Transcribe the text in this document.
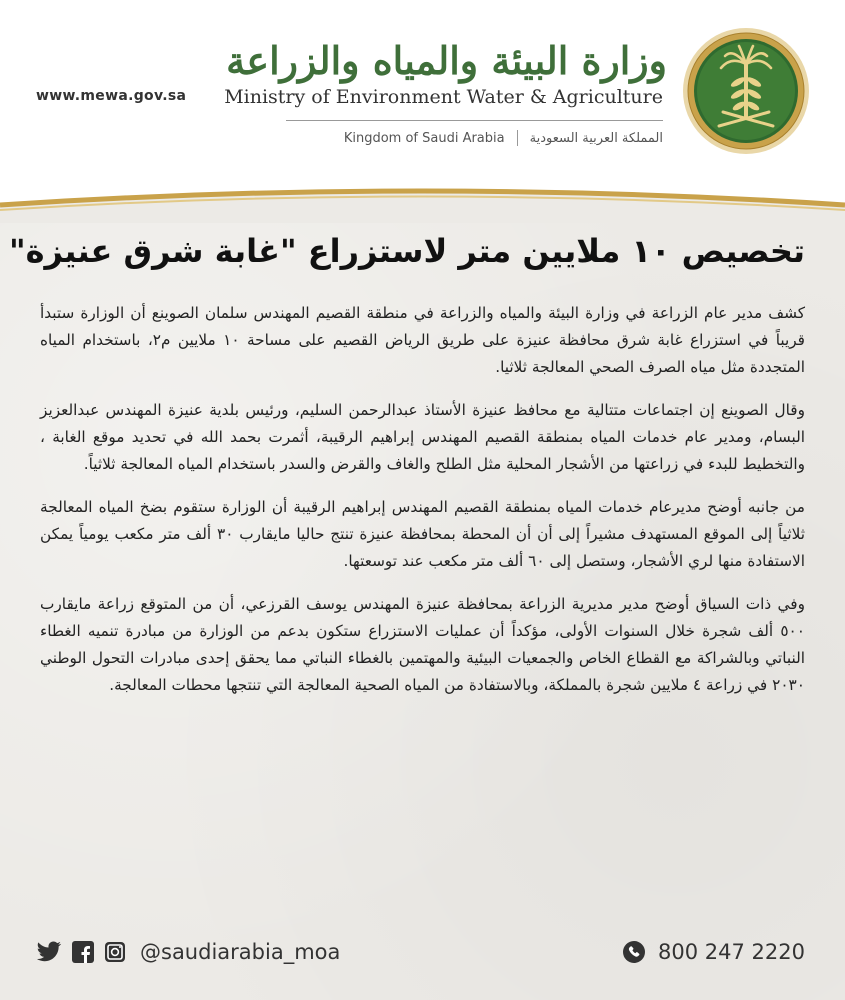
www.mewa.gov.sa
وزارة البيئة والمياه والزراعة
Ministry of Environment Water & Agriculture
Kingdom of Saudi Arabia المملكة العربية السعودية
تخصيص ١٠ ملايين متر لاستزراع "غابة شرق عنيزة"

كشف مدير عام الزراعة في وزارة البيئة والمياه والزراعة في منطقة القصيم المهندس سلمان الصوينع أن الوزارة ستبدأ قريباً في استزراع غابة شرق محافظة عنيزة على طريق الرياض القصيم على مساحة ١٠ ملايين م٢، باستخدام المياه المتجددة مثل مياه الصرف الصحي المعالجة ثلاثيا.

وقال الصوينع إن اجتماعات متتالية مع محافظ عنيزة الأستاذ عبدالرحمن السليم، ورئيس بلدية عنيزة المهندس عبدالعزيز البسام، ومدير عام خدمات المياه بمنطقة القصيم المهندس إبراهيم الرقيبة، أثمرت بحمد الله في تحديد موقع الغابة ، والتخطيط للبدء في زراعتها من الأشجار المحلية مثل الطلح والغاف والقرض والسدر باستخدام المياه المعالجة ثلاثياً.

من جانبه أوضح مديرعام خدمات المياه بمنطقة القصيم المهندس إبراهيم الرقيبة أن الوزارة ستقوم بضخ المياه المعالجة ثلاثياً إلى الموقع المستهدف مشيراً إلى أن أن المحطة بمحافظة عنيزة تنتج حاليا مايقارب ٣٠ ألف متر مكعب يومياً يمكن الاستفادة منها لري الأشجار، وستصل إلى ٦٠ ألف متر مكعب عند توسعتها.

وفي ذات السياق أوضح مدير مديرية الزراعة بمحافظة عنيزة المهندس يوسف القرزعي، أن من المتوقع زراعة مايقارب ٥٠٠ ألف شجرة خلال السنوات الأولى، مؤكداً أن عمليات الاستزراع ستكون بدعم من الوزارة من مبادرة تنميه الغطاء النباتي وبالشراكة مع القطاع الخاص والجمعيات البيئية والمهتمين بالغطاء النباتي مما يحقق إحدى مبادرات التحول الوطني ٢٠٣٠ في زراعة ٤ ملايين شجرة بالمملكة، وبالاستفادة من المياه الصحية المعالجة التي تنتجها محطات المعالجة.

@saudiarabia_moa	800 247 2220
